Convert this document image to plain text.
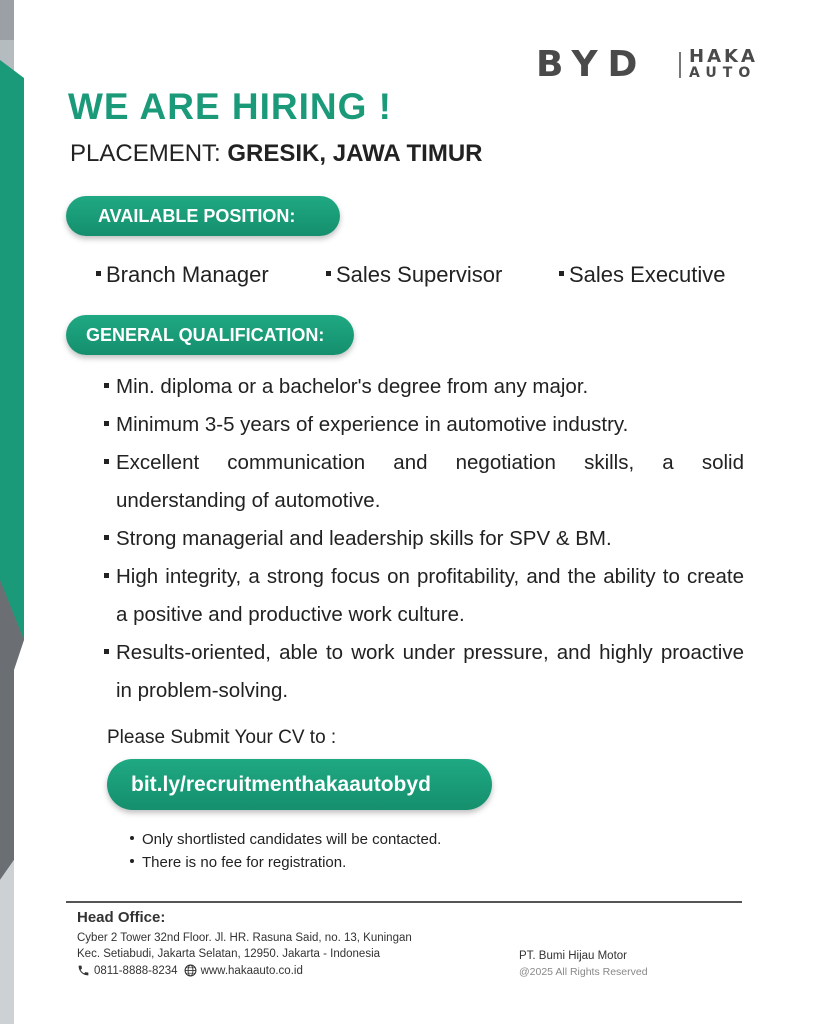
BYD HAKA
AUTO
WE ARE HIRING !
PLACEMENT: GRESIK, JAWA TIMUR
AVAILABLE POSITION:
Branch Manager	Sales Supervisor	Sales Executive
GENERAL QUALIFICATION:
Min. diploma or a bachelor's degree from any major.
Minimum 3-5 years of experience in automotive industry.
Excellent communication and negotiation skills, a solid understanding of automotive.
Strong managerial and leadership skills for SPV & BM.
High integrity, a strong focus on profitability, and the ability to create a positive and productive work culture.
Results-oriented, able to work under pressure, and highly proactive in problem-solving.
Please Submit Your CV to :
bit.ly/recruitmenthakaautobyd
Only shortlisted candidates will be contacted.
There is no fee for registration.
Head Office:
Cyber 2 Tower 32nd Floor. Jl. HR. Rasuna Said, no. 13, Kuningan
Kec. Setiabudi, Jakarta Selatan, 12950. Jakarta - Indonesia
0811-8888-8234 www.hakaauto.co.id
PT. Bumi Hijau Motor
@2025 All Rights Reserved
